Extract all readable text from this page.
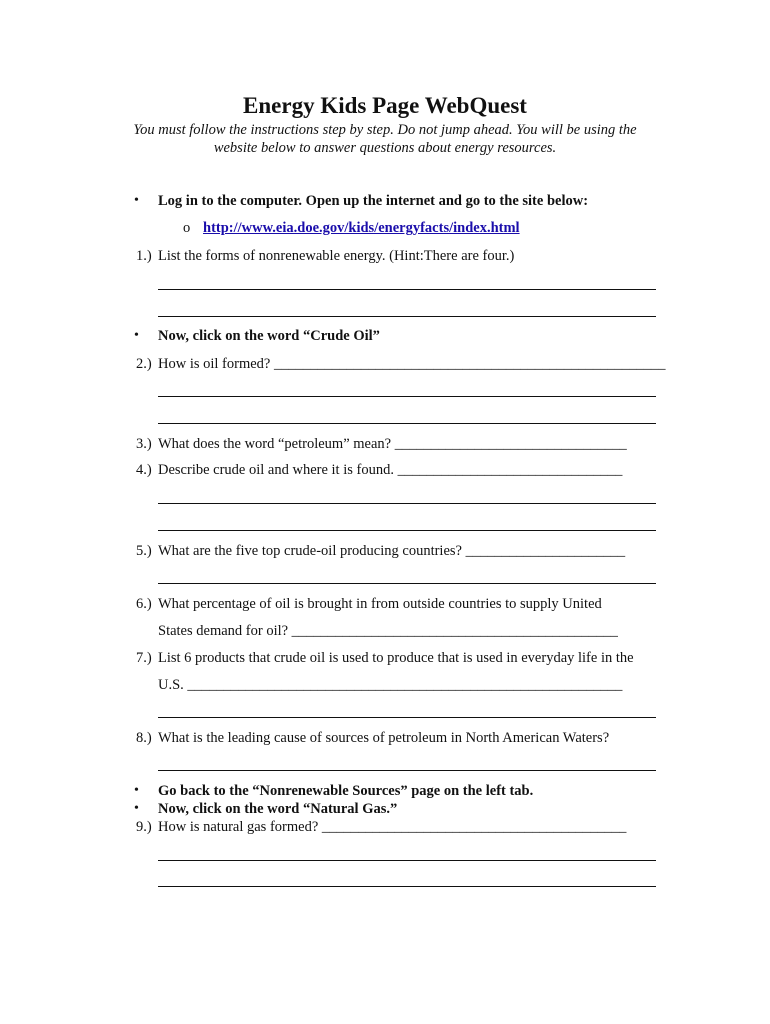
Energy Kids Page WebQuest
You must follow the instructions step by step. Do not jump ahead. You will be using the website below to answer questions about energy resources.
• Log in to the computer. Open up the internet and go to the site below:
o http://www.eia.doe.gov/kids/energyfacts/index.html
1.) List the forms of nonrenewable energy. (Hint:There are four.)
• Now, click on the word “Crude Oil”
2.) How is oil formed? ______________________________________________________
3.) What does the word “petroleum” mean? ________________________________
4.) Describe crude oil and where it is found. _______________________________
5.) What are the five top crude-oil producing countries? ______________________
6.) What percentage of oil is brought in from outside countries to supply United
States demand for oil? _____________________________________________
7.) List 6 products that crude oil is used to produce that is used in everyday life in the
U.S. ____________________________________________________________
8.) What is the leading cause of sources of petroleum in North American Waters?
• Go back to the “Nonrenewable Sources” page on the left tab.
• Now, click on the word “Natural Gas.”
9.) How is natural gas formed? __________________________________________
